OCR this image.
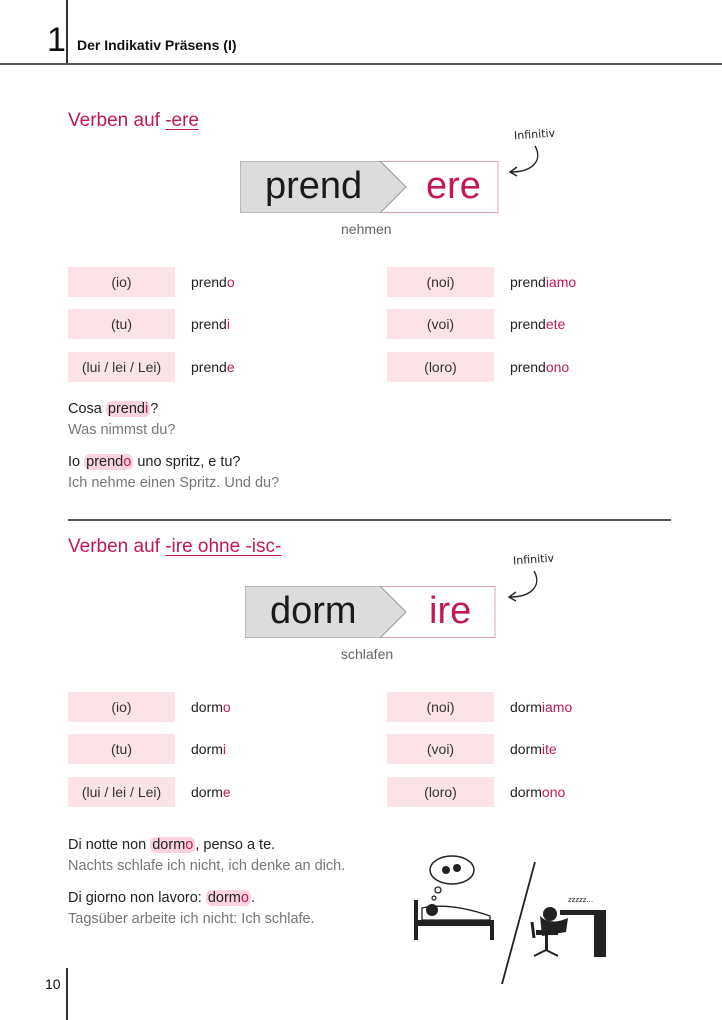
1 Der Indikativ Präsens (I)
Verben auf -ere
Infinitiv
prend ere
nehmen
(io)	prendo
(tu)	prendi
(lui / lei / Lei)	prende
(noi)	prendiamo
(voi)	prendete
(loro)	prendono
Cosa prendi ?
Was nimmst du?
Io prendo uno spritz, e tu?
Ich nehme einen Spritz. Und du?
Verben auf -ire ohne -isc-
Infinitiv
dorm ire
schlafen
(io)	dormo
(tu)	dormi
(lui / lei / Lei)	dorme
(noi)	dormiamo
(voi)	dormite
(loro)	dormono
Di notte non dormo , penso a te.
Nachts schlafe ich nicht, ich denke an dich.
Di giorno non lavoro: dormo .
Tagsüber arbeite ich nicht: Ich schlafe.
zzzzz...
10
